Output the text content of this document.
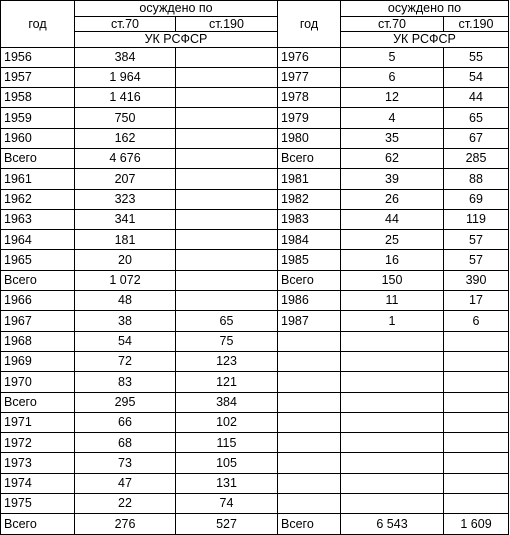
год	осуждено по		год	осуждено по	
	ст.70	ст.190		ст.70	ст.190
	УК РСФСР			УК РСФСР	
1956	384		1976	5	55
1957	1 964		1977	6	54
1958	1 416		1978	12	44
1959	750		1979	4	65
1960	162		1980	35	67
Всего	4 676		Всего	62	285
1961	207		1981	39	88
1962	323		1982	26	69
1963	341		1983	44	119
1964	181		1984	25	57
1965	20		1985	16	57
Всего	1 072		Всего	150	390
1966	48		1986	11	17
1967	38	65	1987	1	6
1968	54	75			
1969	72	123			
1970	83	121			
Всего	295	384			
1971	66	102			
1972	68	115			
1973	73	105			
1974	47	131			
1975	22	74			
Всего	276	527	Всего	6 543	1 609
